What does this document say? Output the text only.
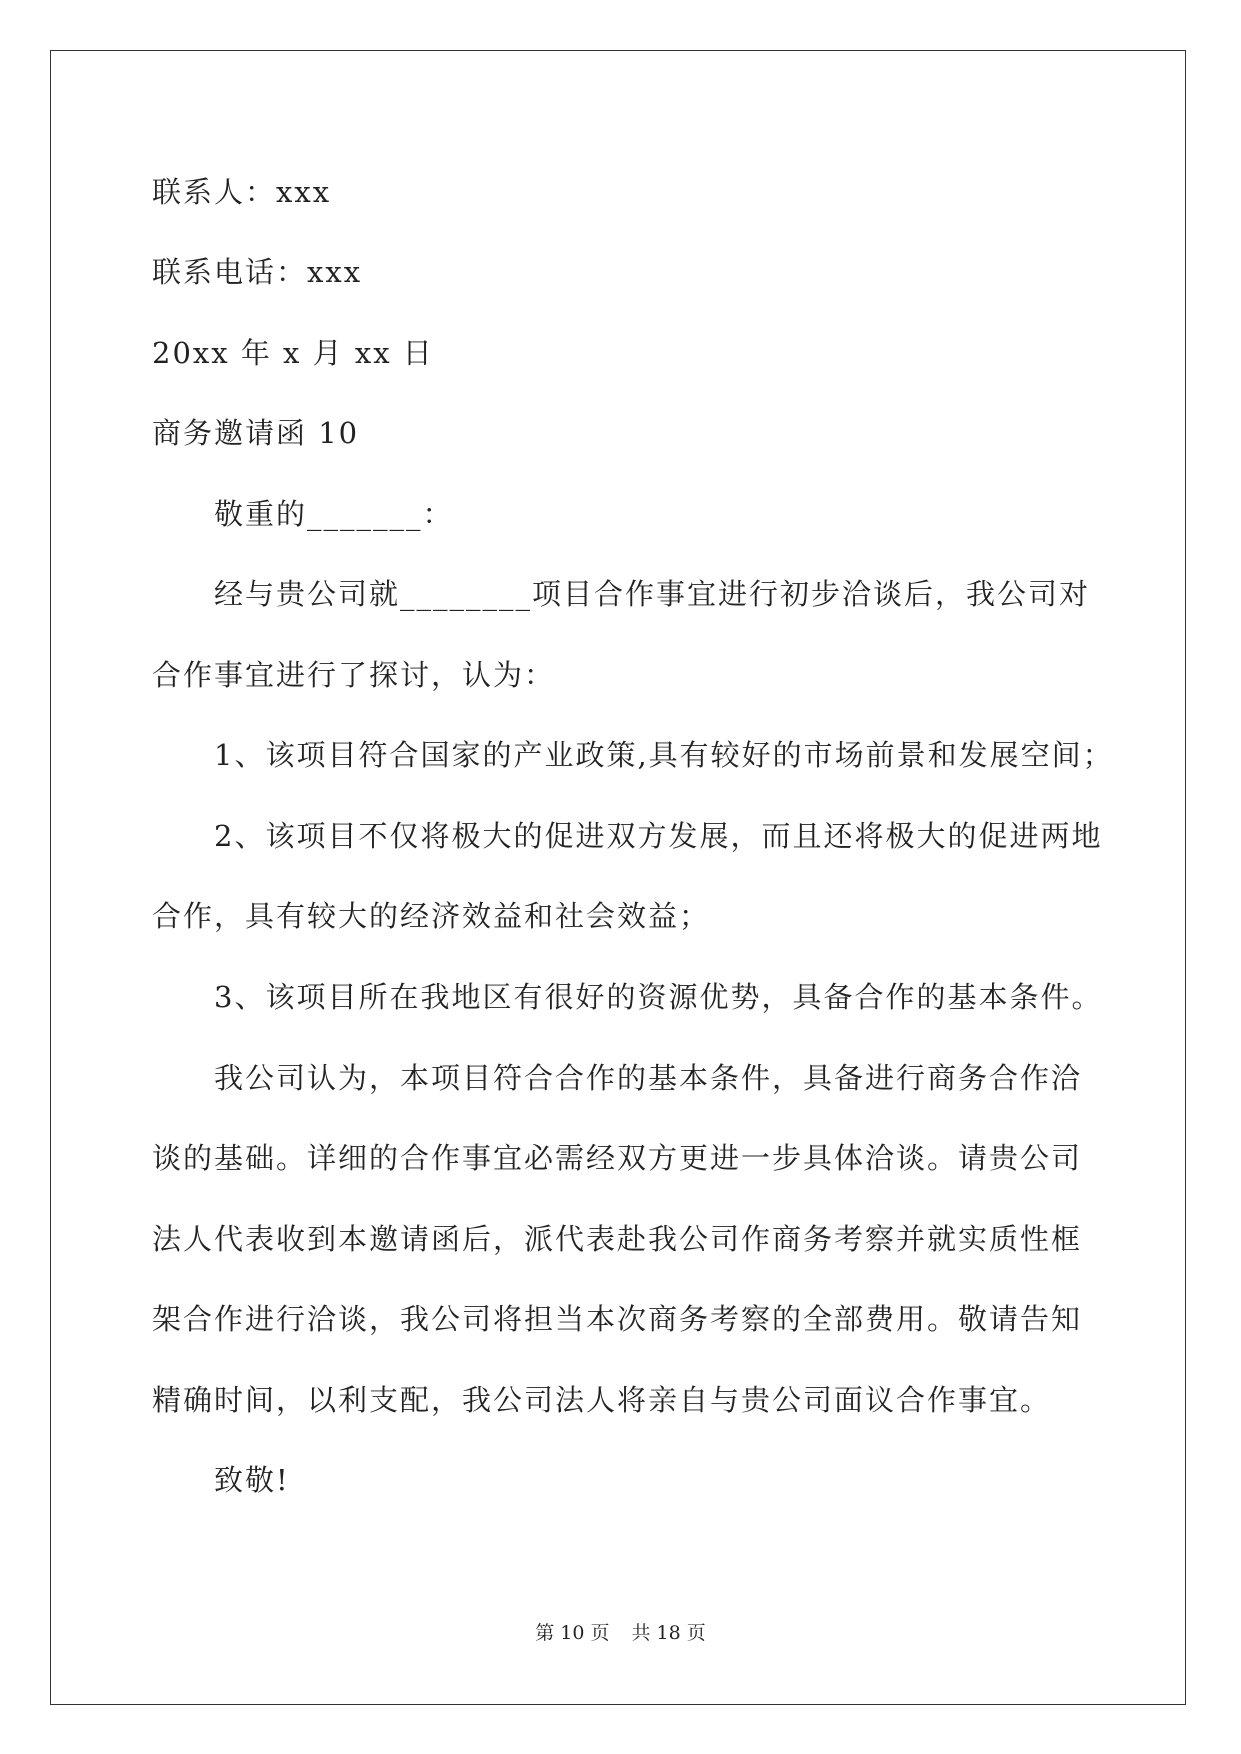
联系人：xxx
联系电话：xxx
20xx 年 x 月 xx 日
商务邀请函 10
敬重的_______：
经与贵公司就________项目合作事宜进行初步洽谈后，我公司对
合作事宜进行了探讨，认为：
1、该项目符合国家的产业政策,具有较好的市场前景和发展空间；
2、该项目不仅将极大的促进双方发展，而且还将极大的促进两地
合作，具有较大的经济效益和社会效益；
3、该项目所在我地区有很好的资源优势，具备合作的基本条件。
我公司认为，本项目符合合作的基本条件，具备进行商务合作洽
谈的基础。详细的合作事宜必需经双方更进一步具体洽谈。请贵公司
法人代表收到本邀请函后，派代表赴我公司作商务考察并就实质性框
架合作进行洽谈，我公司将担当本次商务考察的全部费用。敬请告知
精确时间，以利支配，我公司法人将亲自与贵公司面议合作事宜。
致敬!
第 10 页 共 18 页
